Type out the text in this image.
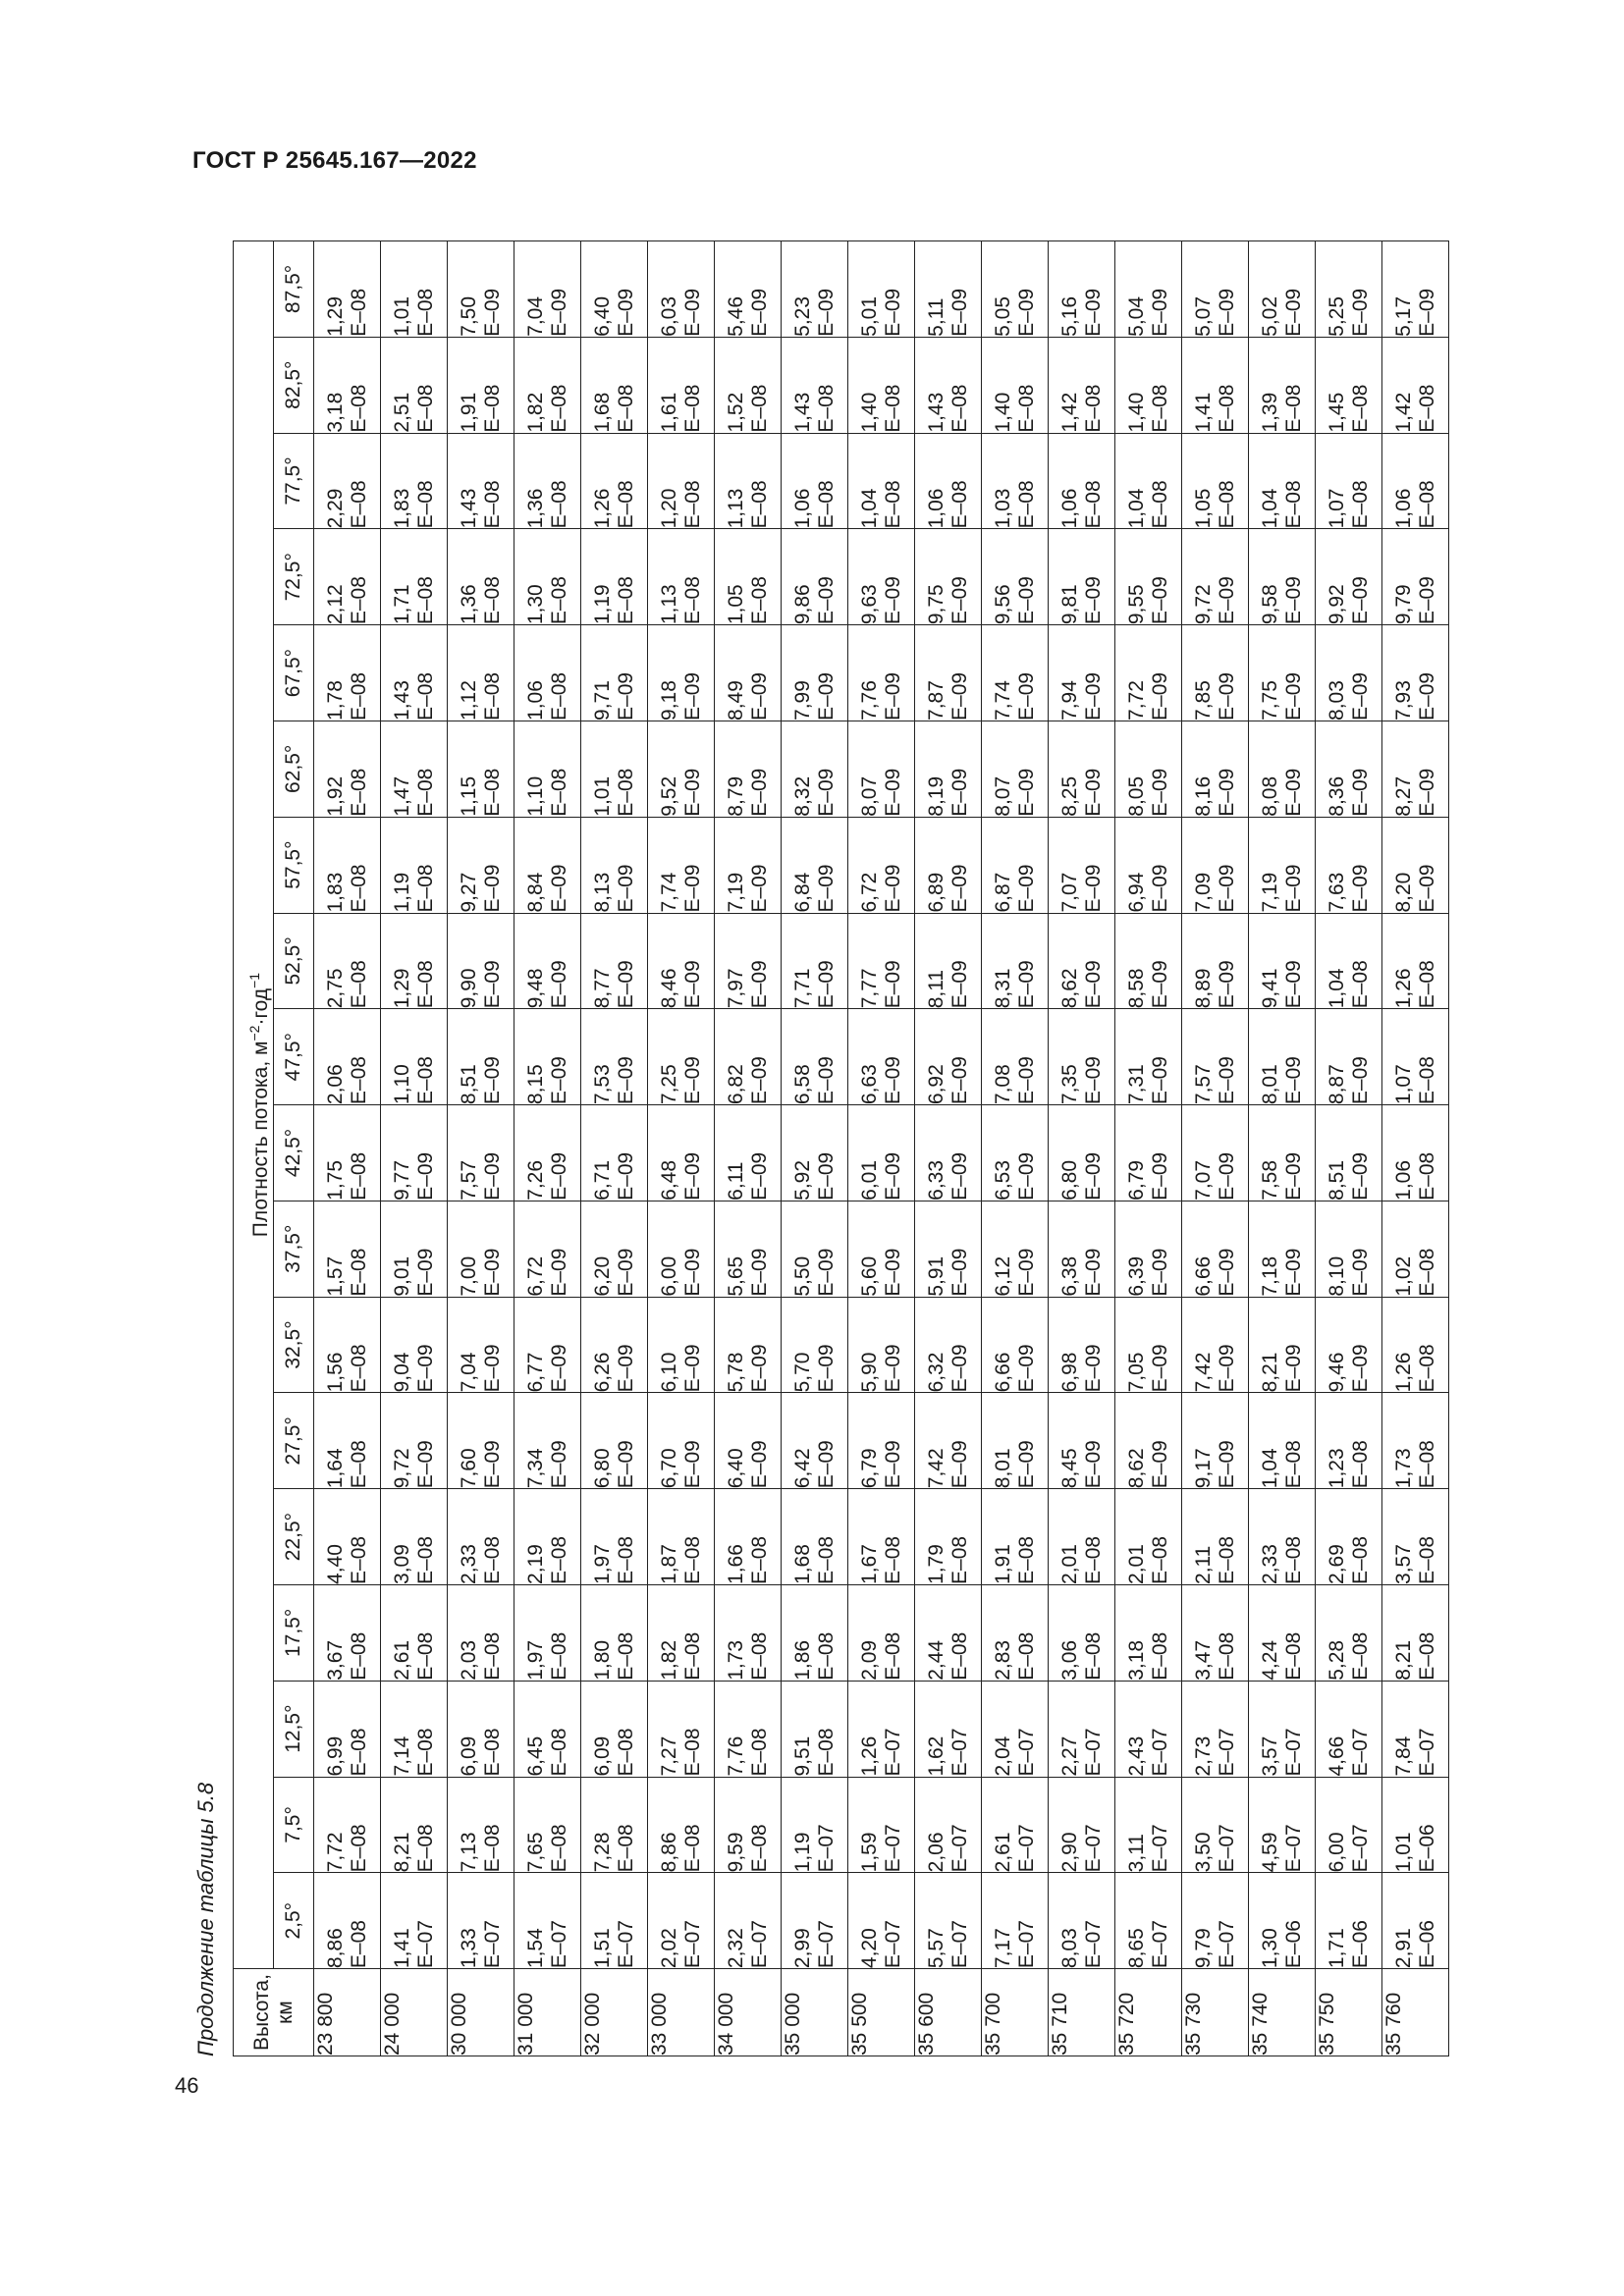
ГОСТ Р 25645.167—2022
46
Продолжение таблицы 5.8 Высота, км	Плотность потока, $м^{-2}\cdot год^{-1}$
	2,5°	7,5°	12,5°	17,5°	22,5°	27,5°	32,5°	37,5°	42,5°	47,5°	52,5°	57,5°	62,5°	67,5°	72,5°	77,5°	82,5°	87,5°
23 800	8,86 E–08	7,72 E–08	6,99 E–08	3,67 E–08	4,40 E–08	1,64 E–08	1,56 E–08	1,57 E–08	1,75 E–08	2,06 E–08	2,75 E–08	1,83 E–08	1,92 E–08	1,78 E–08	2,12 E–08	2,29 E–08	3,18 E–08	1,29 E–08

24 000	1,41 E–07	8,21 E–08	7,14 E–08	2,61 E–08	3,09 E–08	9,72 E–09	9,04 E–09	9,01 E–09	9,77 E–09	1,10 E–08	1,29 E–08	1,19 E–08	1,47 E–08	1,43 E–08	1,71 E–08	1,83 E–08	2,51 E–08	1,01 E–08

30 000	1,33 E–07	7,13 E–08	6,09 E–08	2,03 E–08	2,33 E–08	7,60 E–09	7,04 E–09	7,00 E–09	7,57 E–09	8,51 E–09	9,90 E–09	9,27 E–09	1,15 E–08	1,12 E–08	1,36 E–08	1,43 E–08	1,91 E–08	7,50 E–09

31 000	1,54 E–07	7,65 E–08	6,45 E–08	1,97 E–08	2,19 E–08	7,34 E–09	6,77 E–09	6,72 E–09	7,26 E–09	8,15 E–09	9,48 E–09	8,84 E–09	1,10 E–08	1,06 E–08	1,30 E–08	1,36 E–08	1,82 E–08	7,04 E–09

32 000	1,51 E–07	7,28 E–08	6,09 E–08	1,80 E–08	1,97 E–08	6,80 E–09	6,26 E–09	6,20 E–09	6,71 E–09	7,53 E–09	8,77 E–09	8,13 E–09	1,01 E–08	9,71 E–09	1,19 E–08	1,26 E–08	1,68 E–08	6,40 E–09

33 000	2,02 E–07	8,86 E–08	7,27 E–08	1,82 E–08	1,87 E–08	6,70 E–09	6,10 E–09	6,00 E–09	6,48 E–09	7,25 E–09	8,46 E–09	7,74 E–09	9,52 E–09	9,18 E–09	1,13 E–08	1,20 E–08	1,61 E–08	6,03 E–09

34 000	2,32 E–07	9,59 E–08	7,76 E–08	1,73 E–08	1,66 E–08	6,40 E–09	5,78 E–09	5,65 E–09	6,11 E–09	6,82 E–09	7,97 E–09	7,19 E–09	8,79 E–09	8,49 E–09	1,05 E–08	1,13 E–08	1,52 E–08	5,46 E–09

35 000	2,99 E–07	1,19 E–07	9,51 E–08	1,86 E–08	1,68 E–08	6,42 E–09	5,70 E–09	5,50 E–09	5,92 E–09	6,58 E–09	7,71 E–09	6,84 E–09	8,32 E–09	7,99 E–09	9,86 E–09	1,06 E–08	1,43 E–08	5,23 E–09

35 500	4,20 E–07	1,59 E–07	1,26 E–07	2,09 E–08	1,67 E–08	6,79 E–09	5,90 E–09	5,60 E–09	6,01 E–09	6,63 E–09	7,77 E–09	6,72 E–09	8,07 E–09	7,76 E–09	9,63 E–09	1,04 E–08	1,40 E–08	5,01 E–09

35 600	5,57 E–07	2,06 E–07	1,62 E–07	2,44 E–08	1,79 E–08	7,42 E–09	6,32 E–09	5,91 E–09	6,33 E–09	6,92 E–09	8,11 E–09	6,89 E–09	8,19 E–09	7,87 E–09	9,75 E–09	1,06 E–08	1,43 E–08	5,11 E–09

35 700	7,17 E–07	2,61 E–07	2,04 E–07	2,83 E–08	1,91 E–08	8,01 E–09	6,66 E–09	6,12 E–09	6,53 E–09	7,08 E–09	8,31 E–09	6,87 E–09	8,07 E–09	7,74 E–09	9,56 E–09	1,03 E–08	1,40 E–08	5,05 E–09

35 710	8,03 E–07	2,90 E–07	2,27 E–07	3,06 E–08	2,01 E–08	8,45 E–09	6,98 E–09	6,38 E–09	6,80 E–09	7,35 E–09	8,62 E–09	7,07 E–09	8,25 E–09	7,94 E–09	9,81 E–09	1,06 E–08	1,42 E–08	5,16 E–09

35 720	8,65 E–07	3,11 E–07	2,43 E–07	3,18 E–08	2,01 E–08	8,62 E–09	7,05 E–09	6,39 E–09	6,79 E–09	7,31 E–09	8,58 E–09	6,94 E–09	8,05 E–09	7,72 E–09	9,55 E–09	1,04 E–08	1,40 E–08	5,04 E–09

35 730	9,79 E–07	3,50 E–07	2,73 E–07	3,47 E–08	2,11 E–08	9,17 E–09	7,42 E–09	6,66 E–09	7,07 E–09	7,57 E–09	8,89 E–09	7,09 E–09	8,16 E–09	7,85 E–09	9,72 E–09	1,05 E–08	1,41 E–08	5,07 E–09

35 740	1,30 E–06	4,59 E–07	3,57 E–07	4,24 E–08	2,33 E–08	1,04 E–08	8,21 E–09	7,18 E–09	7,58 E–09	8,01 E–09	9,41 E–09	7,19 E–09	8,08 E–09	7,75 E–09	9,58 E–09	1,04 E–08	1,39 E–08	5,02 E–09

35 750	1,71 E–06	6,00 E–07	4,66 E–07	5,28 E–08	2,69 E–08	1,23 E–08	9,46 E–09	8,10 E–09	8,51 E–09	8,87 E–09	1,04 E–08	7,63 E–09	8,36 E–09	8,03 E–09	9,92 E–09	1,07 E–08	1,45 E–08	5,25 E–09

35 760	2,91 E–06	1,01 E–06	7,84 E–07	8,21 E–08	3,57 E–08	1,73 E–08	1,26 E–08	1,02 E–08	1,06 E–08	1,07 E–08	1,26 E–08	8,20 E–09	8,27 E–09	7,93 E–09	9,79 E–09	1,06 E–08	1,42 E–08	5,17 E–09
